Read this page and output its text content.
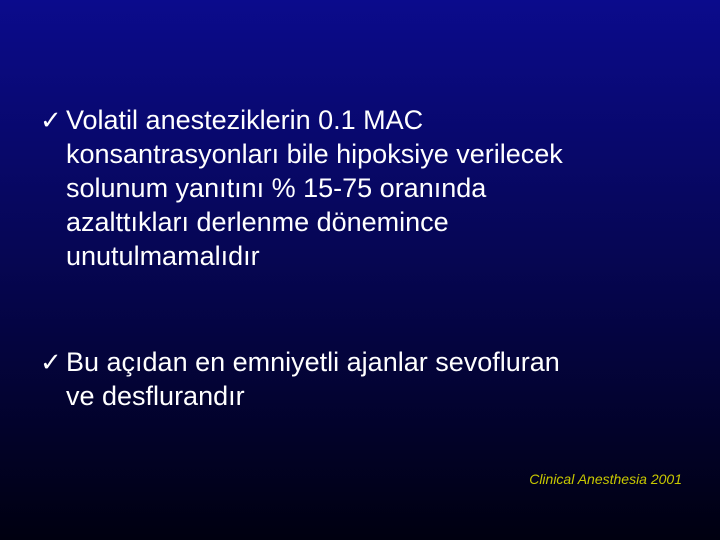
✓ Volatil anesteziklerin 0.1 MAC
konsantrasyonları bile hipoksiye verilecek
solunum yanıtını % 15-75 oranında
azalttıkları derlenme dönemince
unutulmamalıdır
✓ Bu açıdan en emniyetli ajanlar sevofluran
ve desflurandır
Clinical Anesthesia 2001
